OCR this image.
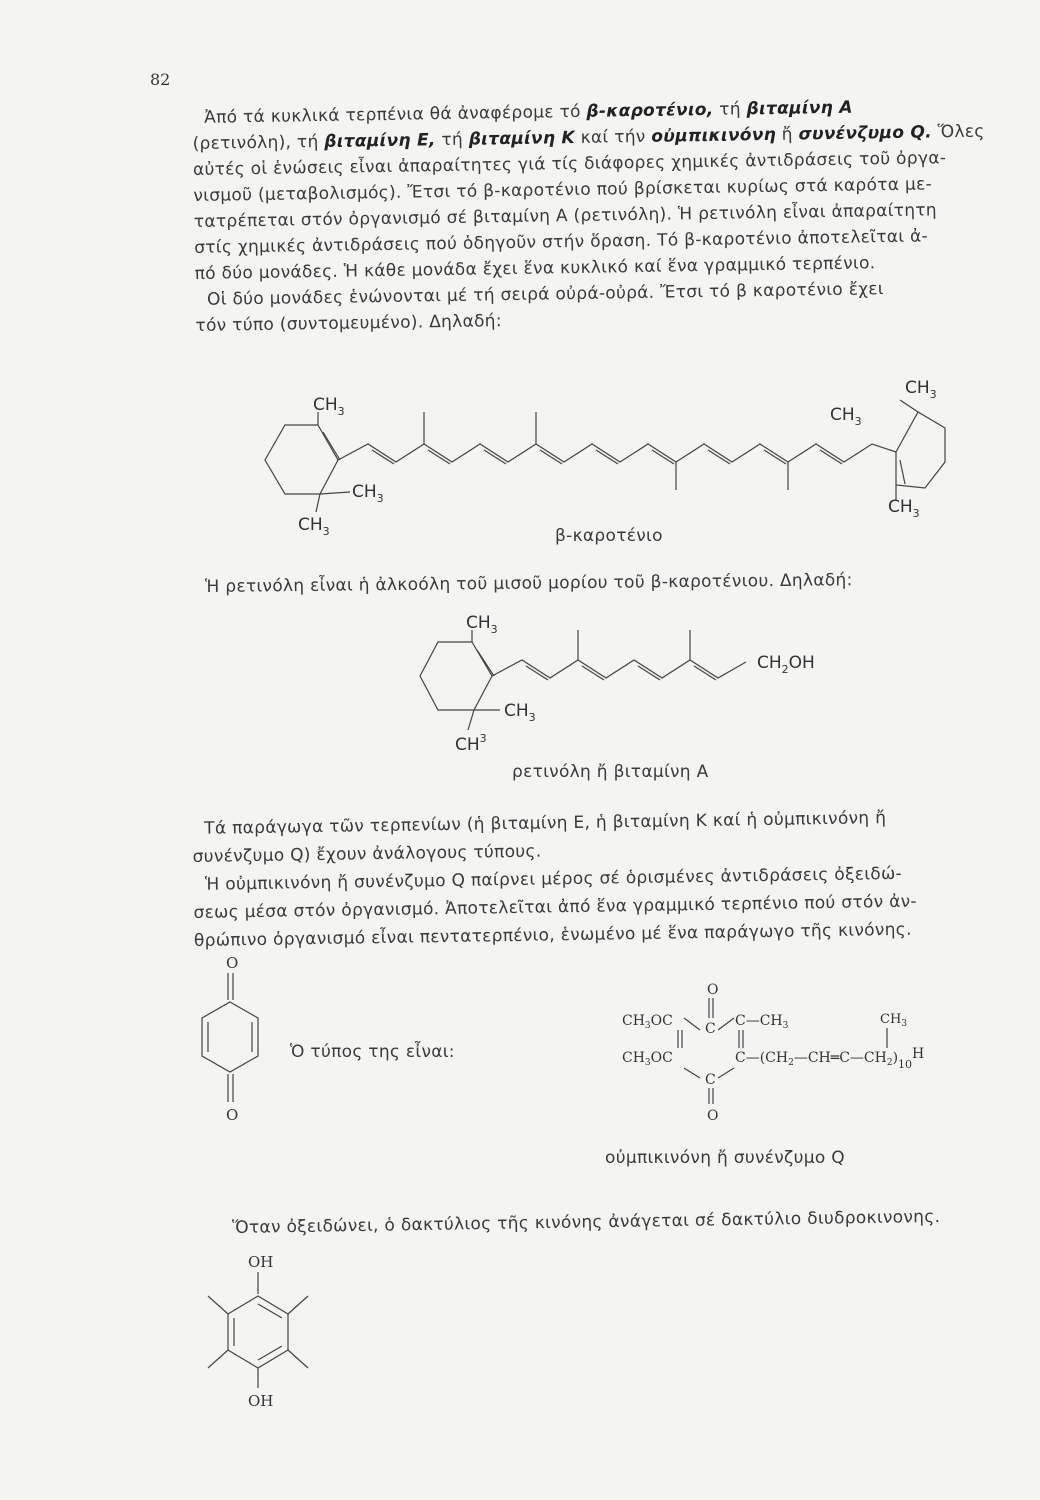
82
Ἀπό τά κυκλικά τερπένια θά ἀναφέρομε τό β-καροτένιο, τή βιταμίνη Α
(ρετινόλη), τή βιταμίνη Ε, τή βιταμίνη Κ καί τήν οὐμπικινόνη ἤ συνένζυμο Q. Ὅλες
αὐτές οἱ ἑνώσεις εἶναι ἀπαραίτητες γιά τίς διάφορες χημικές ἀντιδράσεις τοῦ ὀργα-
νισμοῦ (μεταβολισμός). Ἔτσι τό β-καροτένιο πού βρίσκεται κυρίως στά καρότα με-
τατρέπεται στόν ὀργανισμό σέ βιταμίνη Α (ρετινόλη). Ἡ ρετινόλη εἶναι ἀπαραίτητη
στίς χημικές ἀντιδράσεις πού ὁδηγοῦν στήν ὅραση. Τό β-καροτένιο ἀποτελεῖται ἀ-
πό δύο μονάδες. Ἡ κάθε μονάδα ἔχει ἕνα κυκλικό καί ἕνα γραμμικό τερπένιο.
Οἱ δύο μονάδες ἑνώνονται μέ τή σειρά οὐρά-οὐρά. Ἔτσι τό β καροτένιο ἔχει
τόν τύπο (συντομευμένο). Δηλαδή:
$CH_3$
$CH_3$
$CH_3$
$CH_3$
$CH_3$
$CH_3$
β-καροτένιο
Ἡ ρετινόλη εἶναι ἡ ἀλκοόλη τοῦ μισοῦ μορίου τοῦ β-καροτένιου. Δηλαδή:
$CH_3$
$CH_3$
$CH^3$
$CH_2OH$
ρετινόλη ἤ βιταμίνη Α
Τά παράγωγα τῶν τερπενίων (ἡ βιταμίνη Ε, ἡ βιταμίνη Κ καί ἡ οὐμπικινόνη ἤ
συνένζυμο Q) ἔχουν ἀνάλογους τύπους.
Ἡ οὐμπικινόνη ἤ συνένζυμο Q παίρνει μέρος σέ ὁρισμένες ἀντιδράσεις ὀξειδώ-
σεως μέσα στόν ὀργανισμό. Ἀποτελεῖται ἀπό ἕνα γραμμικό τερπένιο πού στόν ἀν-
θρώπινο ὀργανισμό εἶναι πεντατερπένιο, ἑνωμένο μέ ἕνα παράγωγο τῆς κινόνης.
O
O
O
C
$CH_3OC$	$C—CH_3$
$CH_3OC$	$C—(CH_2—CH═C—CH_2)_{10}H$
$CH_3$
C
O
Ὁ τύπος της εἶναι:
οὐμπικινόνη ἤ συνένζυμο Q
Ὅταν ὀξειδώνει, ὁ δακτύλιος τῆς κινόνης ἀνάγεται σέ δακτύλιο διυδροκινονης.
OH
OH
